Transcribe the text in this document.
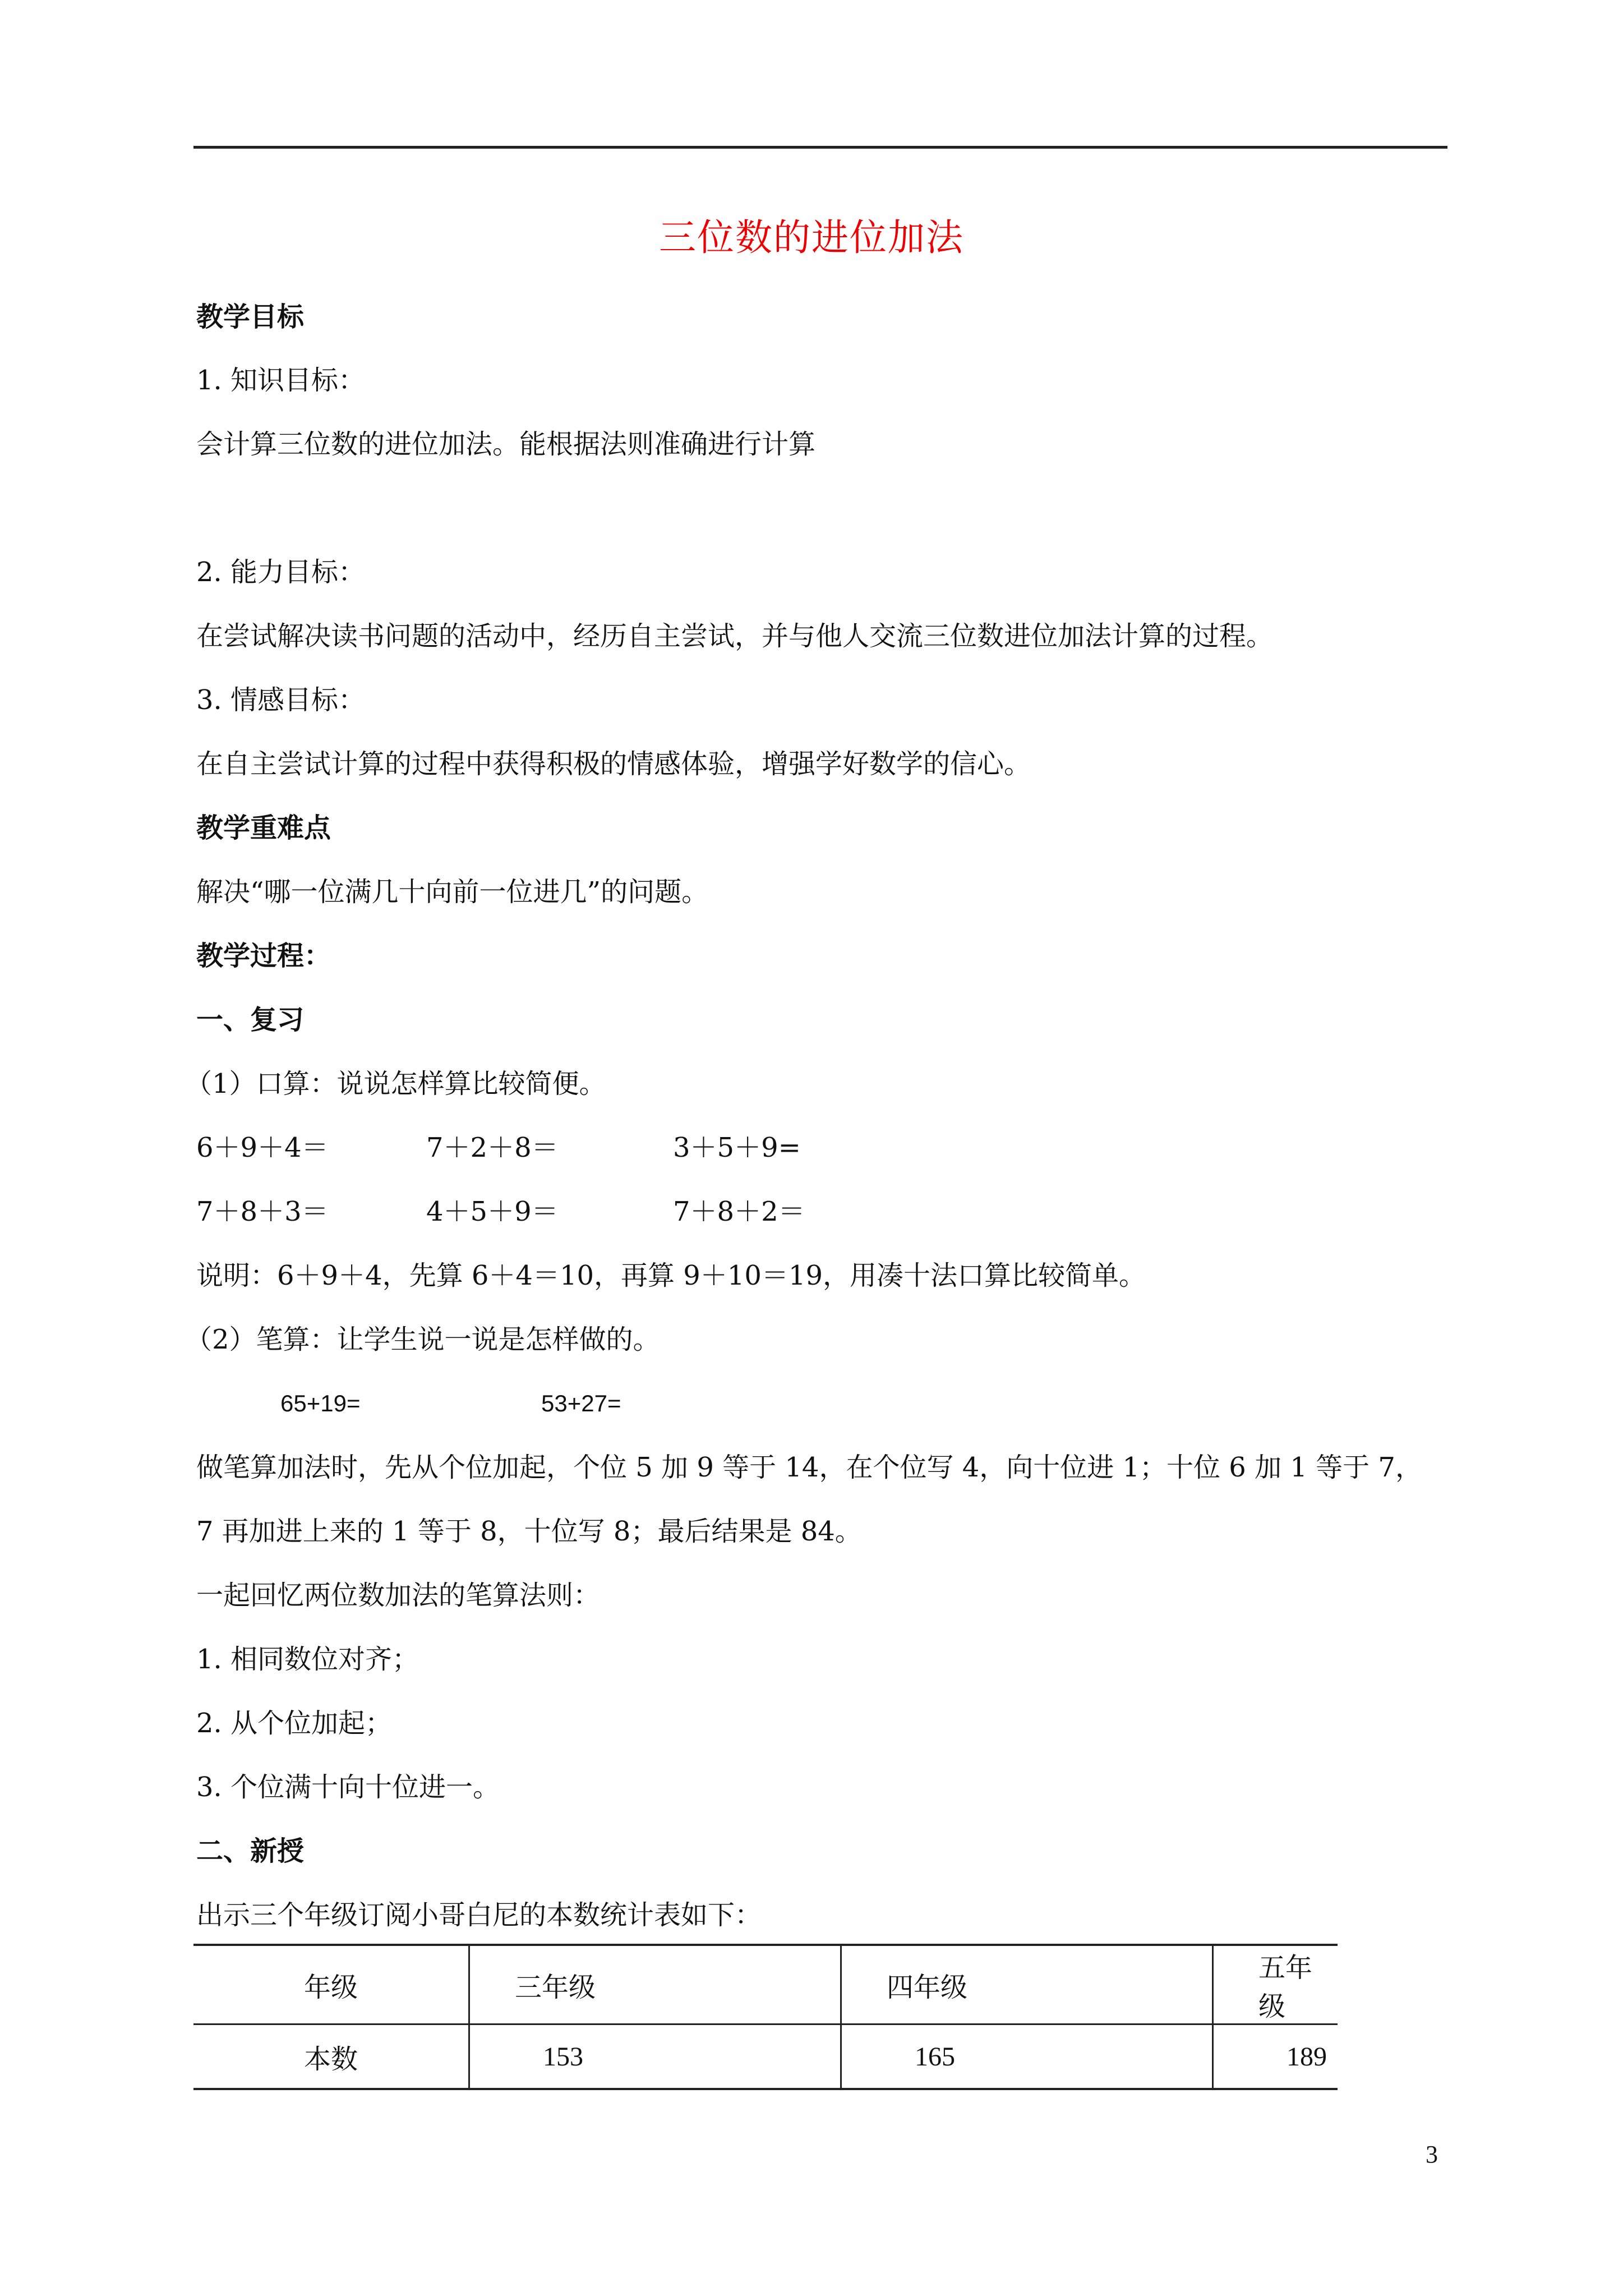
三位数的进位加法
教学目标
1. 知识目标：
会计算三位数的进位加法。能根据法则准确进行计算
2. 能力目标：
在尝试解决读书问题的活动中，经历自主尝试，并与他人交流三位数进位加法计算的过程。
3. 情感目标：
在自主尝试计算的过程中获得积极的情感体验，增强学好数学的信心。
教学重难点
解决“哪一位满几十向前一位进几”的问题。
教学过程：
一、复习
（1）口算：说说怎样算比较简便。
6＋9＋4＝	7＋2＋8＝	3＋5＋9=
7＋8＋3＝	4＋5＋9＝	7＋8＋2＝
说明：6＋9＋4，先算 6＋4＝10，再算 9＋10＝19，用凑十法口算比较简单。
（2）笔算：让学生说一说是怎样做的。
65+19=	53+27=
做笔算加法时，先从个位加起，个位 5 加 9 等于 14，在个位写 4，向十位进 1；十位 6 加 1 等于 7，
7 再加进上来的 1 等于 8，十位写 8；最后结果是 84。
一起回忆两位数加法的笔算法则：
1. 相同数位对齐；
2. 从个位加起；
3. 个位满十向十位进一。
二、新授
出示三个年级订阅小哥白尼的本数统计表如下：
年级	三年级	四年级	五年级
本数	153	165	189
3
